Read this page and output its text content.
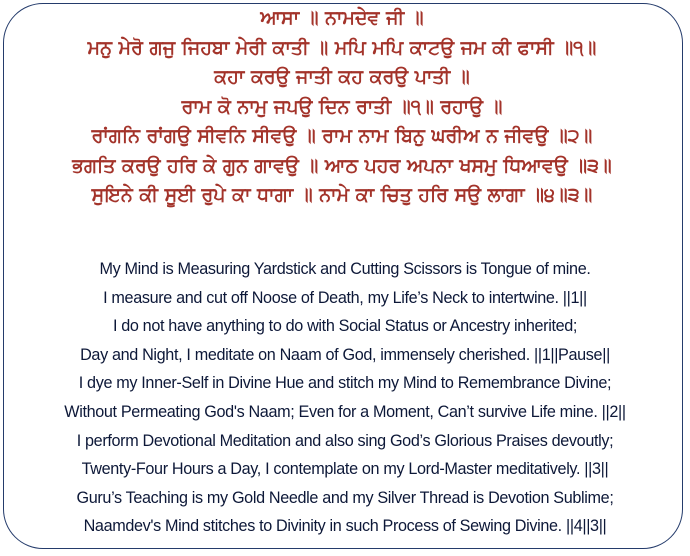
ਆਸਾ ॥ ਨਾਮਦੇਵ ਜੀ ॥
ਮਨੁ ਮੇਰੋ ਗਜੁ ਜਿਹਬਾ ਮੇਰੀ ਕਾਤੀ ॥ ਮਪਿ ਮਪਿ ਕਾਟਉ ਜਮ ਕੀ ਫਾਸੀ ॥੧॥
ਕਹਾ ਕਰਉ ਜਾਤੀ ਕਹ ਕਰਉ ਪਾਤੀ ॥
ਰਾਮ ਕੋ ਨਾਮੁ ਜਪਉ ਦਿਨ ਰਾਤੀ ॥੧॥ ਰਹਾਉ ॥
ਰਾਂਗਨਿ ਰਾਂਗਉ ਸੀਵਨਿ ਸੀਵਉ ॥ ਰਾਮ ਨਾਮ ਬਿਨੁ ਘਰੀਅ ਨ ਜੀਵਉ ॥੨॥
ਭਗਤਿ ਕਰਉ ਹਰਿ ਕੇ ਗੁਨ ਗਾਵਉ ॥ ਆਠ ਪਹਰ ਅਪਨਾ ਖਸਮੁ ਧਿਆਵਉ ॥੩॥
ਸੁਇਨੇ ਕੀ ਸੂਈ ਰੁਪੇ ਕਾ ਧਾਗਾ ॥ ਨਾਮੇ ਕਾ ਚਿਤੁ ਹਰਿ ਸਉ ਲਾਗਾ ॥੪॥੩॥
My Mind is Measuring Yardstick and Cutting Scissors is Tongue of mine.
I measure and cut off Noose of Death, my Life’s Neck to intertwine. ||1||
I do not have anything to do with Social Status or Ancestry inherited;
Day and Night, I meditate on Naam of God, immensely cherished. ||1||Pause||
I dye my Inner-Self in Divine Hue and stitch my Mind to Remembrance Divine;
Without Permeating God's Naam; Even for a Moment, Can’t survive Life mine. ||2||
I perform Devotional Meditation and also sing God’s Glorious Praises devoutly;
Twenty-Four Hours a Day, I contemplate on my Lord-Master meditatively. ||3||
Guru’s Teaching is my Gold Needle and my Silver Thread is Devotion Sublime;
Naamdev's Mind stitches to Divinity in such Process of Sewing Divine. ||4||3||
